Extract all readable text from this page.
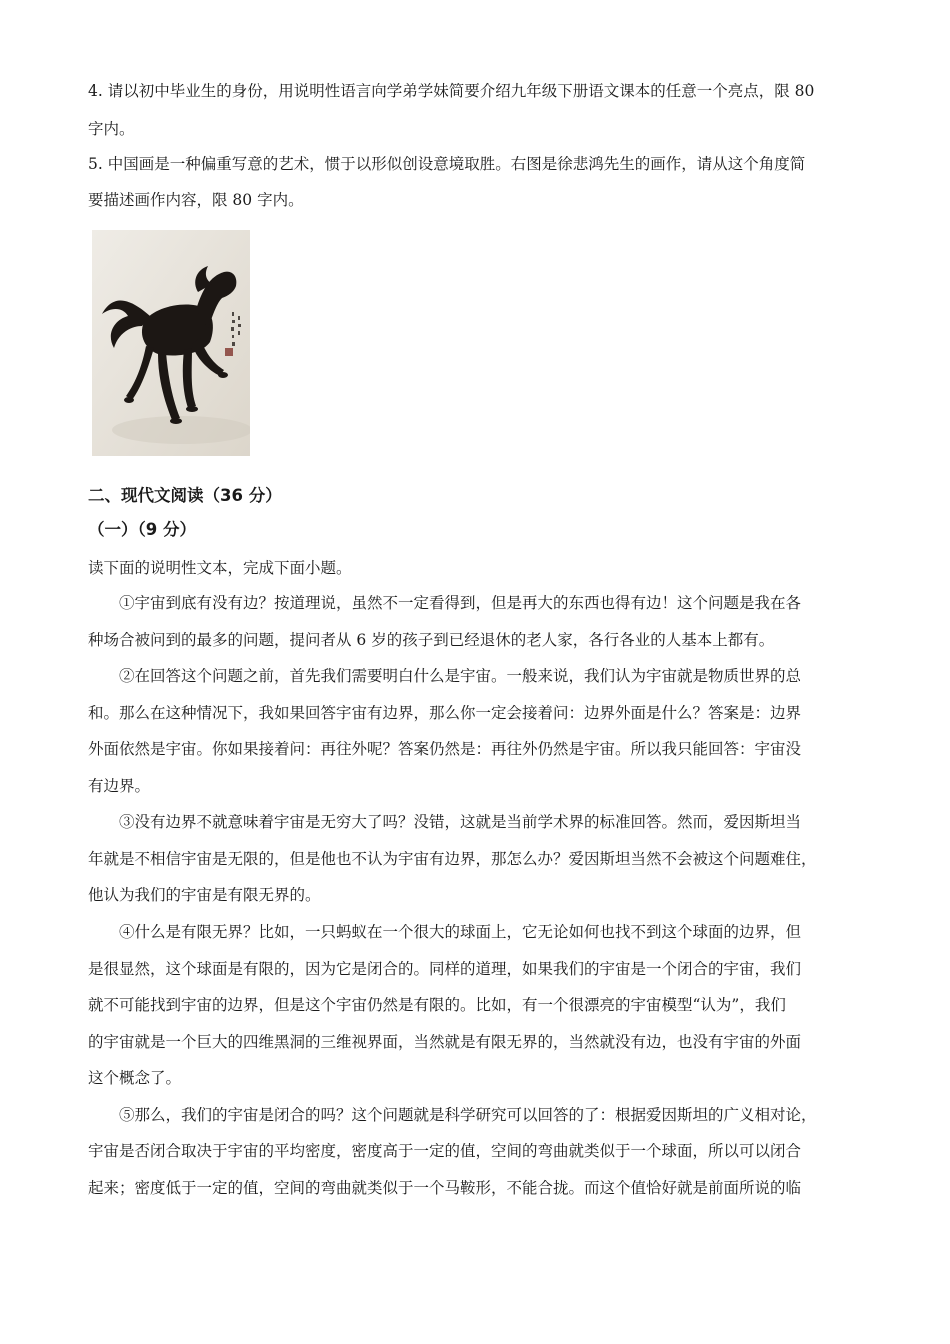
4. 请以初中毕业生的身份，用说明性语言向学弟学妹简要介绍九年级下册语文课本的任意一个亮点，限 80
字内。
5. 中国画是一种偏重写意的艺术，惯于以形似创设意境取胜。右图是徐悲鸿先生的画作，请从这个角度简
要描述画作内容，限 80 字内。
二、现代文阅读（36 分）
（一）（9 分）
读下面的说明性文本，完成下面小题。
①宇宙到底有没有边？按道理说，虽然不一定看得到，但是再大的东西也得有边！这个问题是我在各
种场合被问到的最多的问题，提问者从 6 岁的孩子到已经退休的老人家，各行各业的人基本上都有。
②在回答这个问题之前，首先我们需要明白什么是宇宙。一般来说，我们认为宇宙就是物质世界的总
和。那么在这种情况下，我如果回答宇宙有边界，那么你一定会接着问：边界外面是什么？答案是：边界
外面依然是宇宙。你如果接着问：再往外呢？答案仍然是：再往外仍然是宇宙。所以我只能回答：宇宙没
有边界。
③没有边界不就意味着宇宙是无穷大了吗？没错，这就是当前学术界的标准回答。然而，爱因斯坦当
年就是不相信宇宙是无限的，但是他也不认为宇宙有边界，那怎么办？爱因斯坦当然不会被这个问题难住，
他认为我们的宇宙是有限无界的。
④什么是有限无界？比如，一只蚂蚁在一个很大的球面上，它无论如何也找不到这个球面的边界，但
是很显然，这个球面是有限的，因为它是闭合的。同样的道理，如果我们的宇宙是一个闭合的宇宙，我们
就不可能找到宇宙的边界，但是这个宇宙仍然是有限的。比如，有一个很漂亮的宇宙模型“认为”，我们
的宇宙就是一个巨大的四维黑洞的三维视界面，当然就是有限无界的，当然就没有边，也没有宇宙的外面
这个概念了。
⑤那么，我们的宇宙是闭合的吗？这个问题就是科学研究可以回答的了：根据爱因斯坦的广义相对论，
宇宙是否闭合取决于宇宙的平均密度，密度高于一定的值，空间的弯曲就类似于一个球面，所以可以闭合
起来；密度低于一定的值，空间的弯曲就类似于一个马鞍形，不能合拢。而这个值恰好就是前面所说的临
